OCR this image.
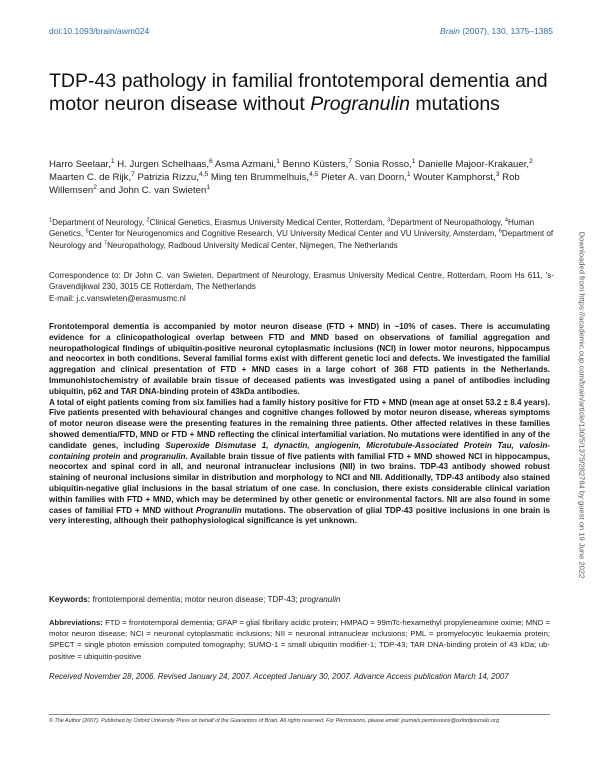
doi:10.1093/brain/awm024	Brain (2007), 130, 1375–1385
TDP-43 pathology in familial frontotemporal dementia and motor neuron disease without Progranulin mutations
Harro Seelaar,$^1$ H. Jurgen Schelhaas,$^6$ Asma Azmani,$^1$ Benno Küsters,$^7$ Sonia Rosso,$^1$ Danielle Majoor-Krakauer,$^2$ Maarten C. de Rijk,$^7$ Patrizia Rizzu,$^{4,5}$ Ming ten Brummelhuis,$^{4,5}$ Pieter A. van Doorn,$^1$ Wouter Kamphorst,$^3$ Rob Willemsen$^2$ and John C. van Swieten$^1$
$^1$Department of Neurology, $^2$Clinical Genetics, Erasmus University Medical Center, Rotterdam, $^3$Department of Neuropathology, $^4$Human Genetics, $^5$Center for Neurogenomics and Cognitive Research, VU University Medical Center and VU University, Amsterdam, $^6$Department of Neurology and $^7$Neuropathology, Radboud University Medical Center, Nijmegen, The Netherlands
Correspondence to: Dr John C. van Swieten, Department of Neurology, Erasmus University Medical Centre, Rotterdam, Room Hs 611, 's-Gravendijkwal 230, 3015 CE Rotterdam, The Netherlands
E-mail: j.c.vanswieten@erasmusmc.nl

Frontotemporal dementia is accompanied by motor neuron disease (FTD + MND) in ~10% of cases. There is accumulating evidence for a clinicopathological overlap between FTD and MND based on observations of familial aggregation and neuropathological findings of ubiquitin-positive neuronal cytoplasmatic inclusions (NCI) in lower motor neurons, hippocampus and neocortex in both conditions. Several familial forms exist with different genetic loci and defects. We investigated the familial aggregation and clinical presentation of FTD + MND cases in a large cohort of 368 FTD patients in the Netherlands. Immunohistochemistry of available brain tissue of deceased patients was investigated using a panel of antibodies including ubiquitin, p62 and TAR DNA-binding protein of 43kDa antibodies.

A total of eight patients coming from six families had a family history positive for FTD + MND (mean age at onset 53.2 ± 8.4 years). Five patients presented with behavioural changes and cognitive changes followed by motor neuron disease, whereas symptoms of motor neuron disease were the presenting features in the remaining three patients. Other affected relatives in these families showed dementia/FTD, MND or FTD + MND reflecting the clinical interfamilial variation. No mutations were identified in any of the candidate genes, including Superoxide Dismutase 1, dynactin, angiogenin, Microtubule-Associated Protein Tau, valosin-containing protein and progranulin. Available brain tissue of five patients with familial FTD + MND showed NCI in hippocampus, neocortex and spinal cord in all, and neuronal intranuclear inclusions (NII) in two brains. TDP-43 antibody showed robust staining of neuronal inclusions similar in distribution and morphology to NCI and NII. Additionally, TDP-43 antibody also stained ubiquitin-negative glial inclusions in the basal striatum of one case. In conclusion, there exists considerable clinical variation within families with FTD + MND, which may be determined by other genetic or environmental factors. NII are also found in some cases of familial FTD + MND without Progranulin mutations. The observation of glial TDP-43 positive inclusions in one brain is very interesting, although their pathophysiological significance is yet unknown.

Keywords: frontotemporal dementia; motor neuron disease; TDP-43; progranulin
Abbreviations: FTD = frontotemporal dementia; GFAP = glial fibrillary acidic protein; HMPAO = 99mTc-hexamethyl propyleneamine oxime; MND = motor neuron disease; NCI = neuronal cytoplasmatic inclusions; NII = neuronal intranuclear inclusions; PML = promyelocytic leukaemia protein; SPECT = single photon emission computed tomography; SUMO-1 = small ubiquitin modifier-1; TDP-43; TAR DNA-binding protein of 43 kDa; ub-positive = ubiquitin-positive
Received November 28, 2006. Revised January 24, 2007. Accepted January 30, 2007. Advance Access publication March 14, 2007
© The Author (2007). Published by Oxford University Press on behalf of the Guarantors of Brain. All rights reserved. For Permissions, please email: journals.permissions@oxfordjournals.org
Downloaded from https://academic.oup.com/brain/article/130/5/1375/282784 by guest on 19 June 2022
